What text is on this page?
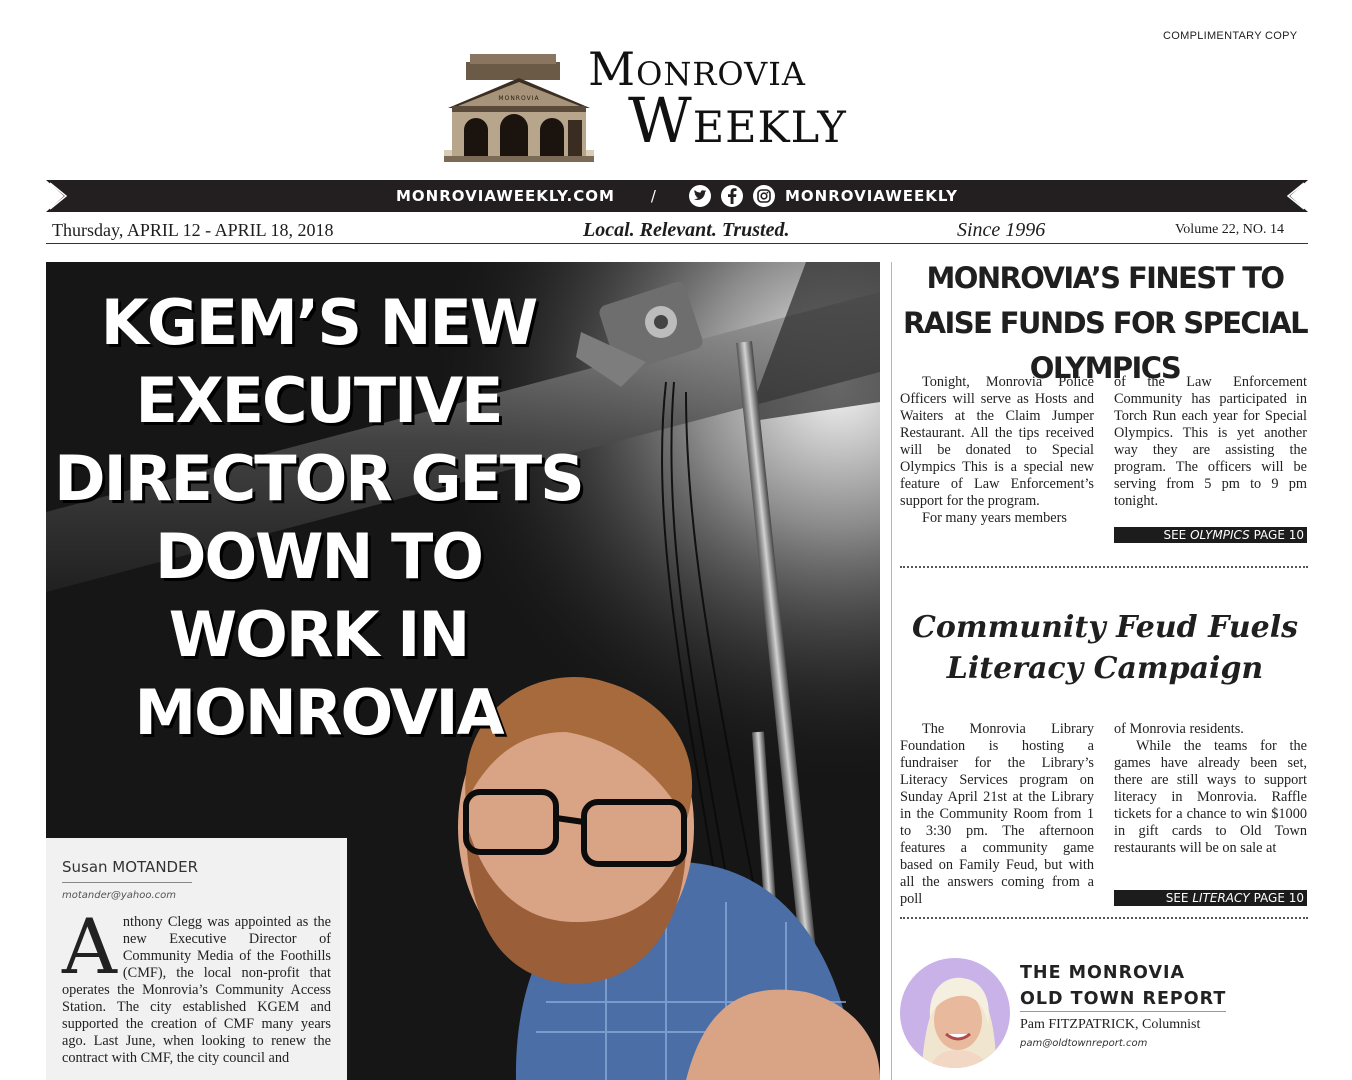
COMPLIMENTARY COPY
MONROVIA
Monrovia
Weekly
MONROVIAWEEKLY.COM /	MONROVIAWEEKLY
Thursday, APRIL 12 - APRIL 18, 2018	Local. Relevant. Trusted.	Since 1996	Volume 22, NO. 14
KGEM’S NEW EXECUTIVE DIRECTOR GETS DOWN TO WORK IN MONROVIA
Susan MOTANDER
motander@yahoo.com
Anthony Clegg was appointed as the new Executive Director of Community Media of the Foothills (CMF), the local non-profit that operates the Monrovia’s Community Access Station. The city established KGEM and supported the creation of CMF many years ago. Last June, when looking to renew the contract with CMF, the city council and
MONROVIA’S FINEST TO RAISE FUNDS FOR SPECIAL OLYMPICS

Tonight, Monrovia Police Officers will serve as Hosts and Waiters at the Claim Jumper Restaurant. All the tips received will be donated to Special Olympics This is a special new feature of Law Enforcement’s support for the program.

For many years members

of the Law Enforcement Community has participated in Torch Run each year for Special Olympics. This is yet another way they are assisting the program. The officers will be serving from 5 pm to 9 pm tonight.

SEE OLYMPICS PAGE 10
Community Feud Fuels Literacy Campaign

The Monrovia Library Foundation is hosting a fundraiser for the Library’s Literacy Services program on Sunday April 21st at the Library in the Community Room from 1 to 3:30 pm. The afternoon features a community game based on Family Feud, but with all the answers coming from a poll

of Monrovia residents.

While the teams for the games have already been set, there are still ways to support literacy in Monrovia. Raffle tickets for a chance to win $1000 in gift cards to Old Town restaurants will be on sale at

SEE LITERACY PAGE 10
THE MONROVIA
OLD TOWN REPORT
Pam FITZPATRICK, Columnist
pam@oldtownreport.com
